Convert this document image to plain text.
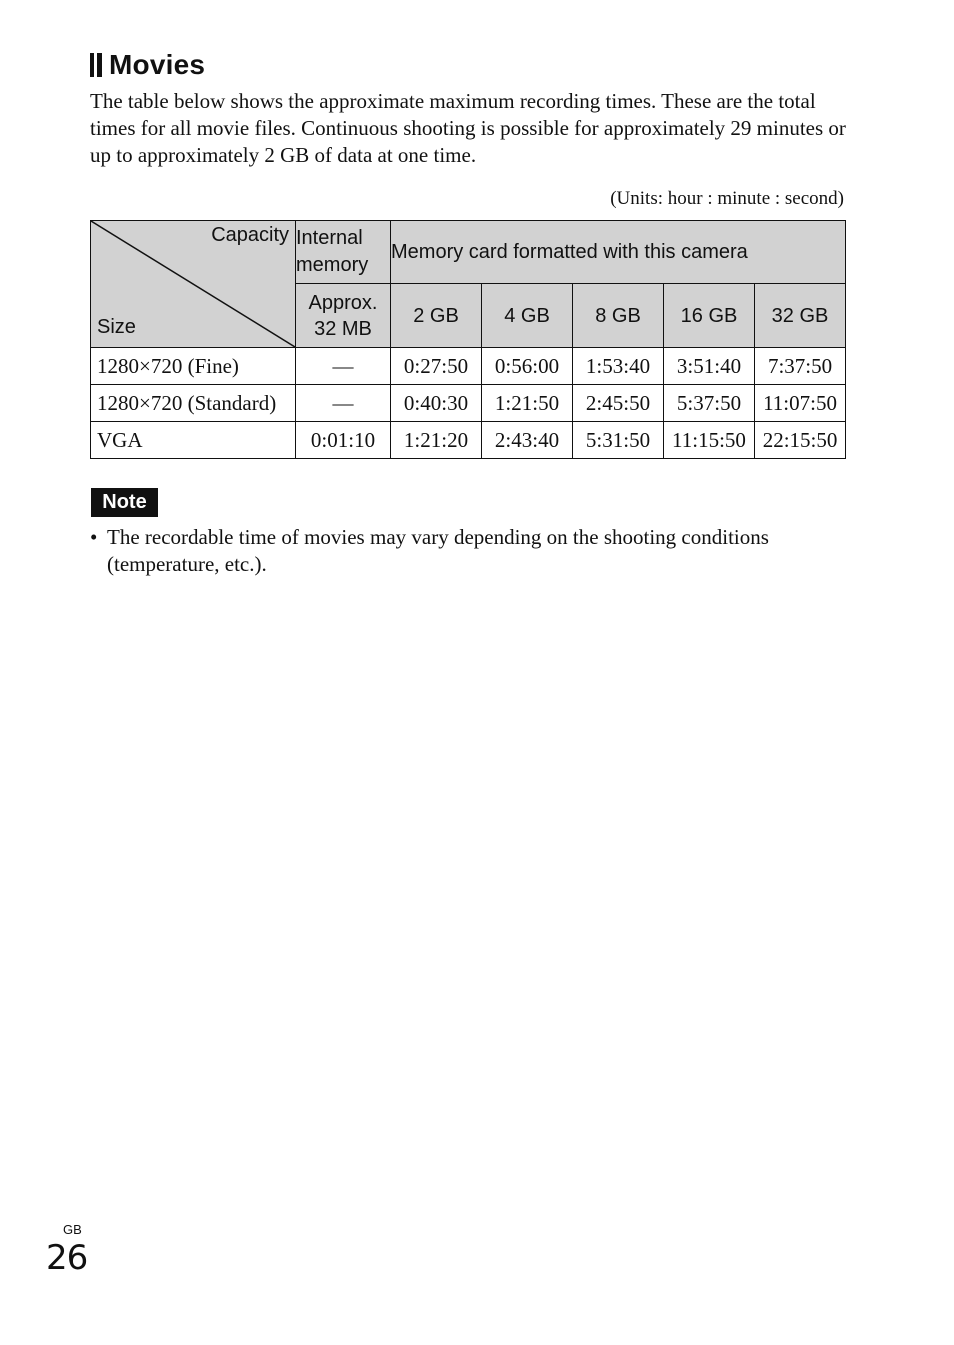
Movies

The table below shows the approximate maximum recording times. These are the total times for all movie files. Continuous shooting is possible for approximately 29 minutes or up to approximately 2 GB of data at one time.

(Units: hour : minute : second)
Capacity
Size	Internal memory	Memory card formatted with this camera				
	Approx. 32 MB	2 GB	4 GB	8 GB	16 GB	32 GB
1280×720 (Fine)	—	0:27:50	0:56:00	1:53:40	3:51:40	7:37:50
1280×720 (Standard)	—	0:40:30	1:21:50	2:45:50	5:37:50	11:07:50
VGA	0:01:10	1:21:20	2:43:40	5:31:50	11:15:50	22:15:50
Note
• The recordable time of movies may vary depending on the shooting conditions (temperature, etc.).
GB
26
